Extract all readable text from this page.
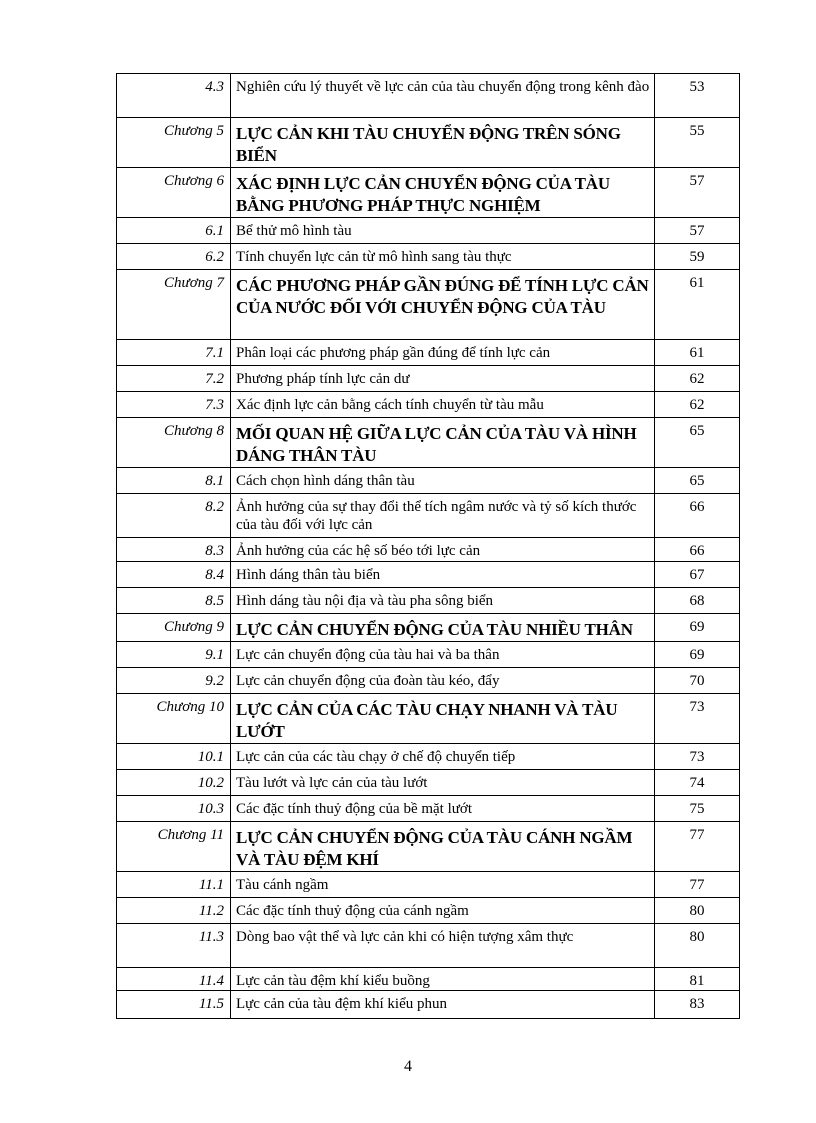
4.3	Nghiên cứu lý thuyết về lực cản của tàu chuyển động trong kênh đào	53
Chương 5	LỰC CẢN KHI TÀU CHUYỂN ĐỘNG TRÊN SÓNG BIỂN	55
Chương 6	XÁC ĐỊNH LỰC CẢN CHUYỂN ĐỘNG CỦA TÀU BẰNG PHƯƠNG PHÁP THỰC NGHIỆM	57
6.1	Bể thử mô hình tàu	57
6.2	Tính chuyển lực cản từ mô hình sang tàu thực	59
Chương 7	CÁC PHƯƠNG PHÁP GẦN ĐÚNG ĐỂ TÍNH LỰC CẢN CỦA NƯỚC ĐỐI VỚI CHUYỂN ĐỘNG CỦA TÀU	61
7.1	Phân loại các phương pháp gần đúng để tính lực cản	61
7.2	Phương pháp tính lực cản dư	62
7.3	Xác định lực cản bằng cách tính chuyển từ tàu mẫu	62
Chương 8	MỐI QUAN HỆ GIỮA LỰC CẢN CỦA TÀU VÀ HÌNH DÁNG THÂN TÀU	65
8.1	Cách chọn hình dáng thân tàu	65
8.2	Ảnh hưởng của sự thay đổi thể tích ngâm nước và tỷ số kích thước của tàu đối với lực cản	66
8.3	Ảnh hưởng của các hệ số béo tới lực cản	66
8.4	Hình dáng thân tàu biển	67
8.5	Hình dáng tàu nội địa và tàu pha sông biển	68
Chương 9	LỰC CẢN CHUYỂN ĐỘNG CỦA TÀU NHIỀU THÂN	69
9.1	Lực cản chuyển động của tàu hai và ba thân	69
9.2	Lực cản chuyển động của đoàn tàu kéo, đẩy	70
Chương 10	LỰC CẢN CỦA CÁC TÀU CHẠY NHANH VÀ TÀU LƯỚT	73
10.1	Lực cản của các tàu chạy ở chế độ chuyển tiếp	73
10.2	Tàu lướt và lực cản của tàu lướt	74
10.3	Các đặc tính thuỷ động của bề mặt lướt	75
Chương 11	LỰC CẢN CHUYỂN ĐỘNG CỦA TÀU CÁNH NGẦM VÀ TÀU ĐỆM KHÍ	77
11.1	Tàu cánh ngầm	77
11.2	Các đặc tính thuỷ động của cánh ngầm	80
11.3	Dòng bao vật thể và lực cản khi có hiện tượng xâm thực	80
11.4	Lực cản tàu đệm khí kiểu buồng	81
11.5	Lực cản của tàu đệm khí kiểu phun	83
4
